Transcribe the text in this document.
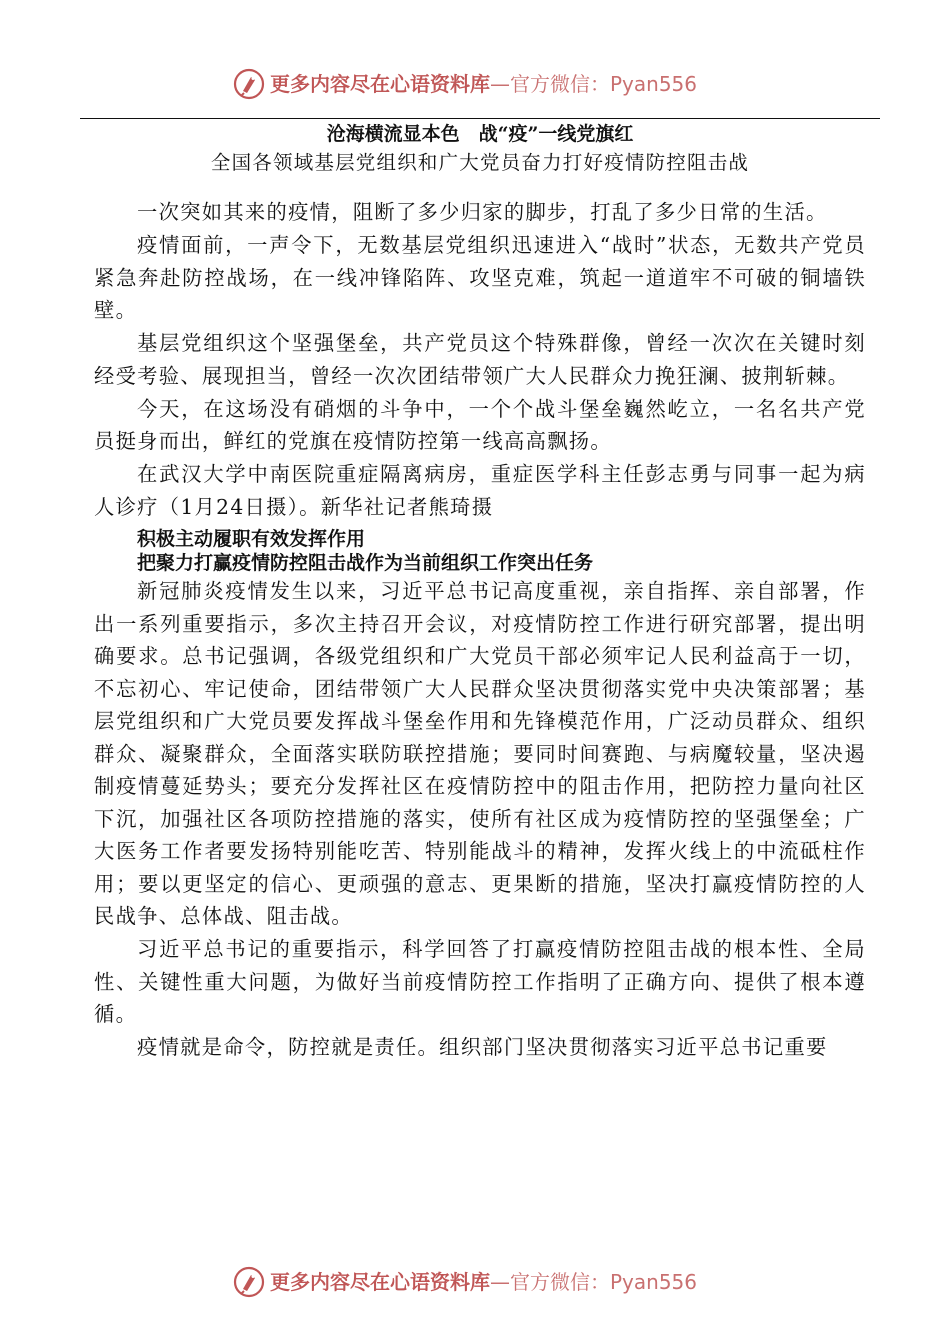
更多内容尽在心语资料库—官方微信：Pyan556
沧海横流显本色　战“疫”一线党旗红
全国各领域基层党组织和广大党员奋力打好疫情防控阻击战

一次突如其来的疫情，阻断了多少归家的脚步，打乱了多少日常的生活。

疫情面前，一声令下，无数基层党组织迅速进入“战时”状态，无数共产党员紧急奔赴防控战场，在一线冲锋陷阵、攻坚克难，筑起一道道牢不可破的铜墙铁壁。

基层党组织这个坚强堡垒，共产党员这个特殊群像，曾经一次次在关键时刻经受考验、展现担当，曾经一次次团结带领广大人民群众力挽狂澜、披荆斩棘。

今天，在这场没有硝烟的斗争中，一个个战斗堡垒巍然屹立，一名名共产党员挺身而出，鲜红的党旗在疫情防控第一线高高飘扬。

在武汉大学中南医院重症隔离病房，重症医学科主任彭志勇与同事一起为病人诊疗（1月24日摄）。新华社记者熊琦摄

积极主动履职有效发挥作用

把聚力打赢疫情防控阻击战作为当前组织工作突出任务

新冠肺炎疫情发生以来，习近平总书记高度重视，亲自指挥、亲自部署，作出一系列重要指示，多次主持召开会议，对疫情防控工作进行研究部署，提出明确要求。总书记强调，各级党组织和广大党员干部必须牢记人民利益高于一切，不忘初心、牢记使命，团结带领广大人民群众坚决贯彻落实党中央决策部署；基层党组织和广大党员要发挥战斗堡垒作用和先锋模范作用，广泛动员群众、组织群众、凝聚群众，全面落实联防联控措施；要同时间赛跑、与病魔较量，坚决遏制疫情蔓延势头；要充分发挥社区在疫情防控中的阻击作用，把防控力量向社区下沉，加强社区各项防控措施的落实，使所有社区成为疫情防控的坚强堡垒；广大医务工作者要发扬特别能吃苦、特别能战斗的精神，发挥火线上的中流砥柱作用；要以更坚定的信心、更顽强的意志、更果断的措施，坚决打赢疫情防控的人民战争、总体战、阻击战。

习近平总书记的重要指示，科学回答了打赢疫情防控阻击战的根本性、全局性、关键性重大问题，为做好当前疫情防控工作指明了正确方向、提供了根本遵循。

疫情就是命令，防控就是责任。组织部门坚决贯彻落实习近平总书记重要

更多内容尽在心语资料库—官方微信：Pyan556
